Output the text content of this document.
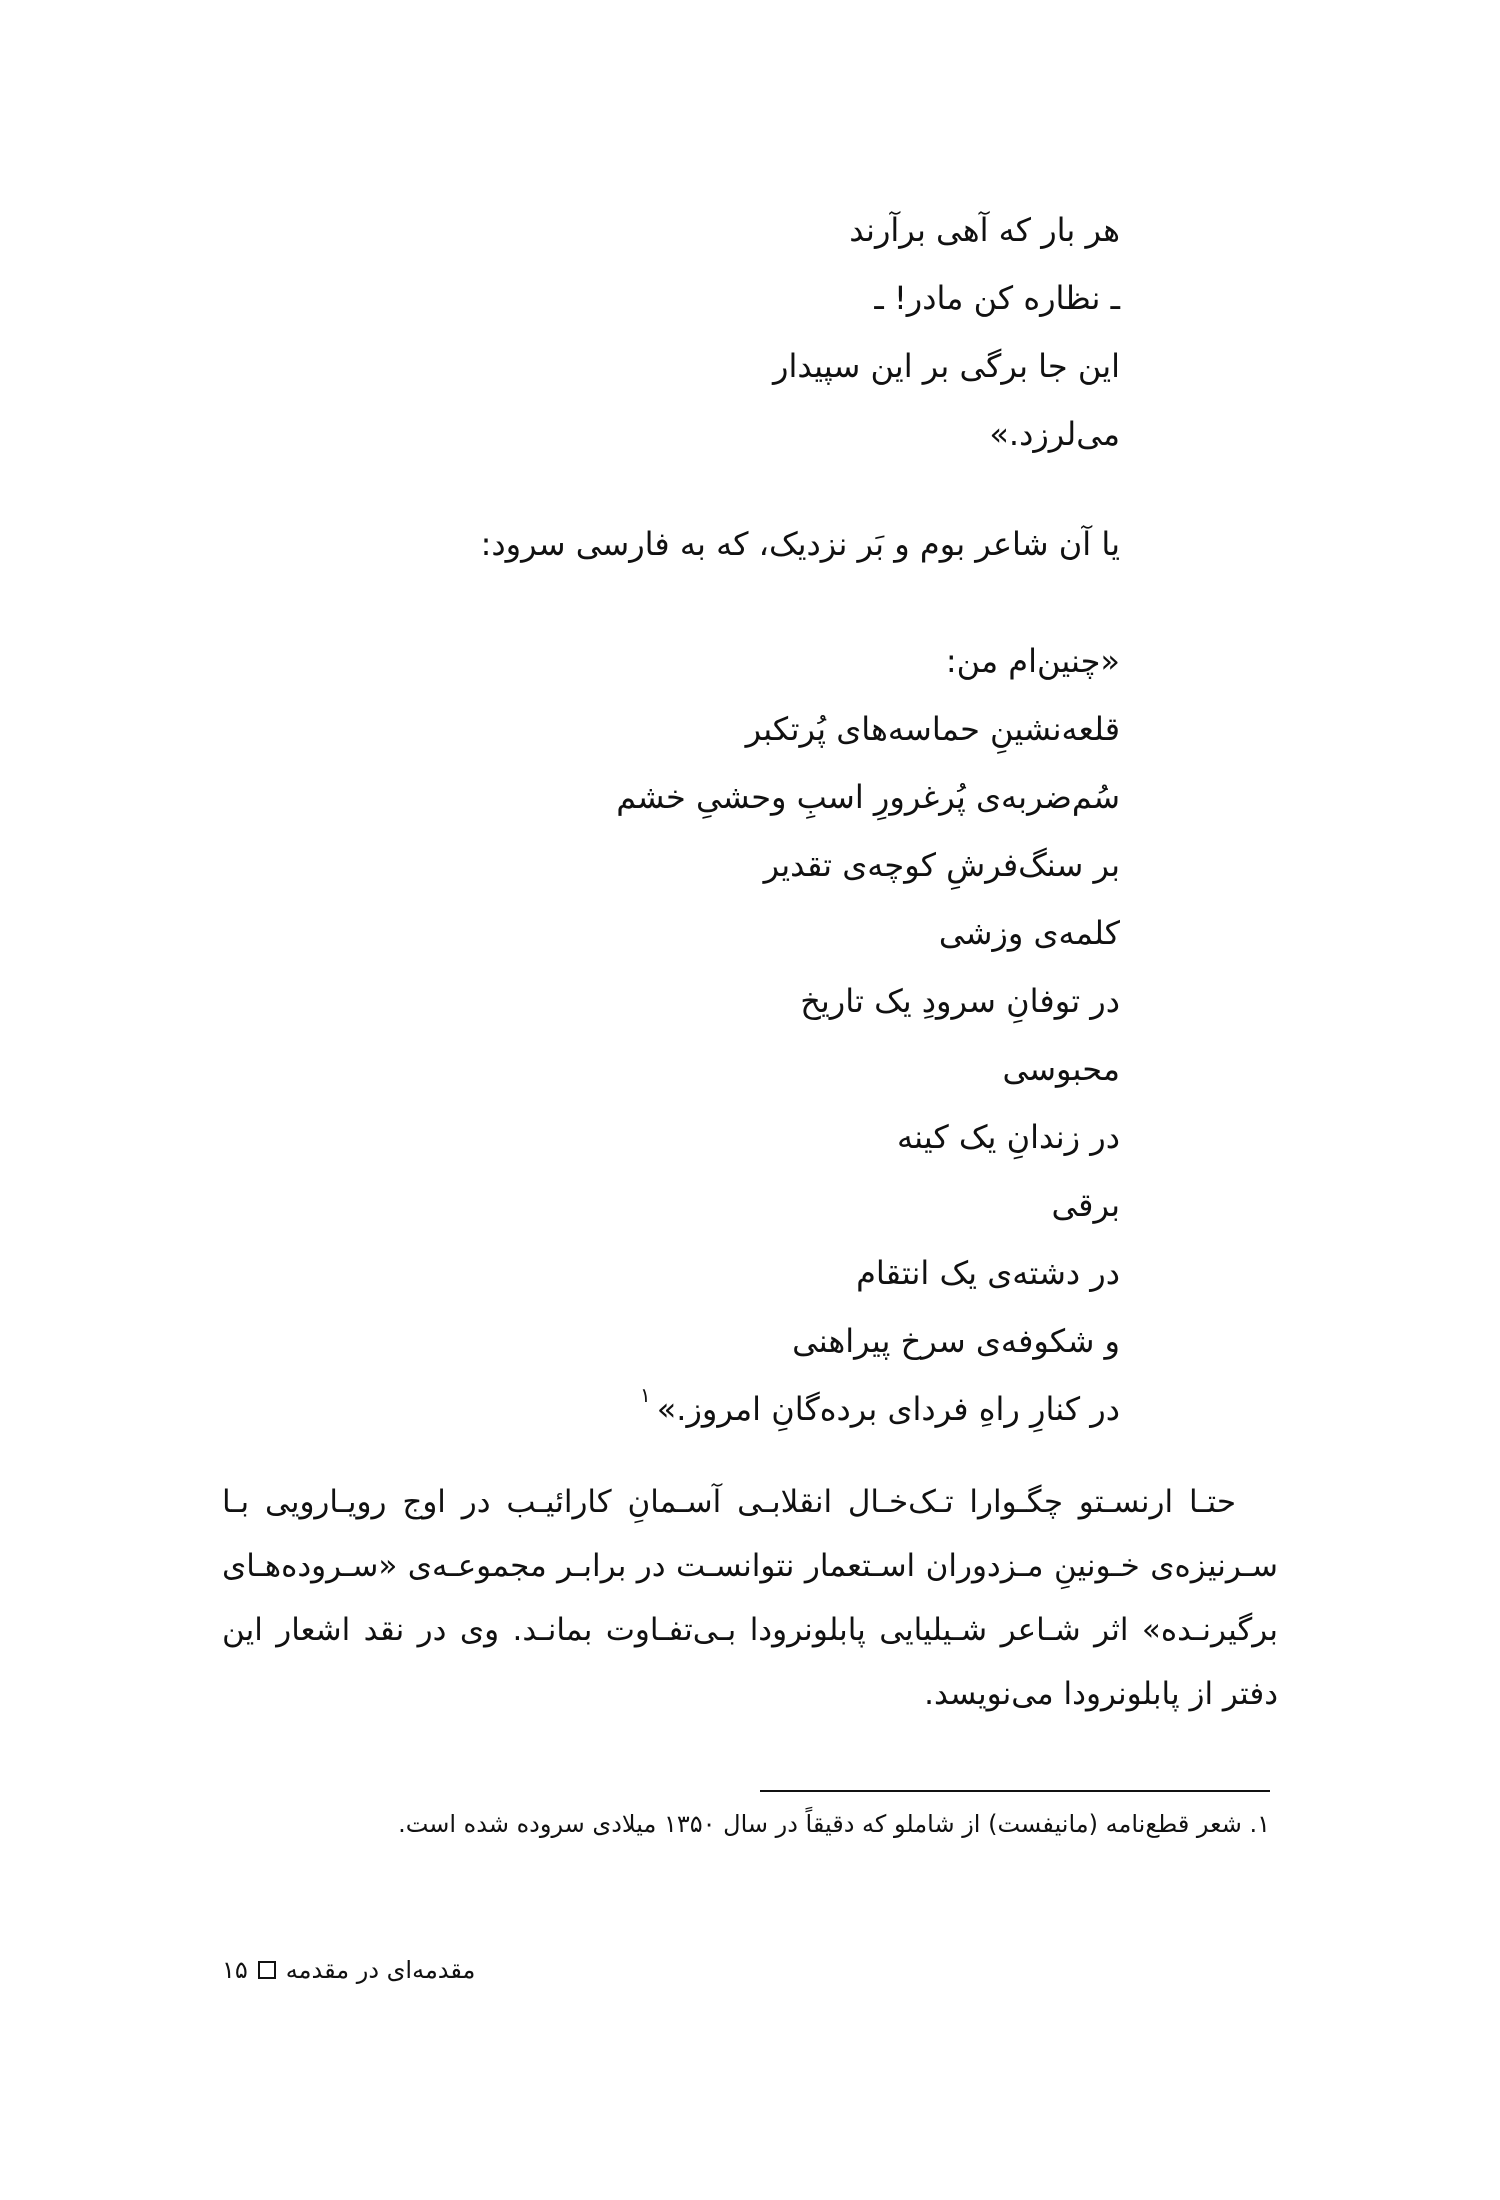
هر بار که آهی برآرند
ـ نظاره کن مادر! ـ
این جا برگی بر این سپیدار
می‌لرزد.»
یا آن شاعر بوم و بَر نزدیک، که به فارسی سرود:
«چنین‌ام من:
قلعه‌نشینِ حماسه‌های پُرتکبر
سُم‌ضربه‌ی پُرغرورِ اسبِ وحشیِ خشم
بر سنگ‌فرشِ کوچه‌ی تقدیر
کلمه‌ی وزشی
در توفانِ سرودِ یک تاریخ
محبوسی
در زندانِ یک کینه
برقی
در دشته‌ی یک انتقام
و شکوفه‌ی سرخ پیراهنی
در کنارِ راهِ فردای برده‌گانِ امروز.»$^۱$
حتـا ارنسـتو چگـوارا تـک‌خـال انقلابـی آسـمانِ کارائیـب در اوج رویـارویی بـا
سـرنیزه‌ی خـونینِ مـزدوران اسـتعمار نتوانسـت در برابـر مجموعـه‌ی «سـروده‌هـای
برگیرنـده» اثر شـاعر شـیلیایی پابلونرودا بـی‌تفـاوت بمانـد. وی در نقد اشعار این
دفتر از پابلونرودا می‌نویسد.
۱. شعر قطع‌نامه (مانیفست) از شاملو که دقیقاً در سال ۱۳۵۰ میلادی سروده شده است.
مقدمه‌ای در مقدمه
۱۵
